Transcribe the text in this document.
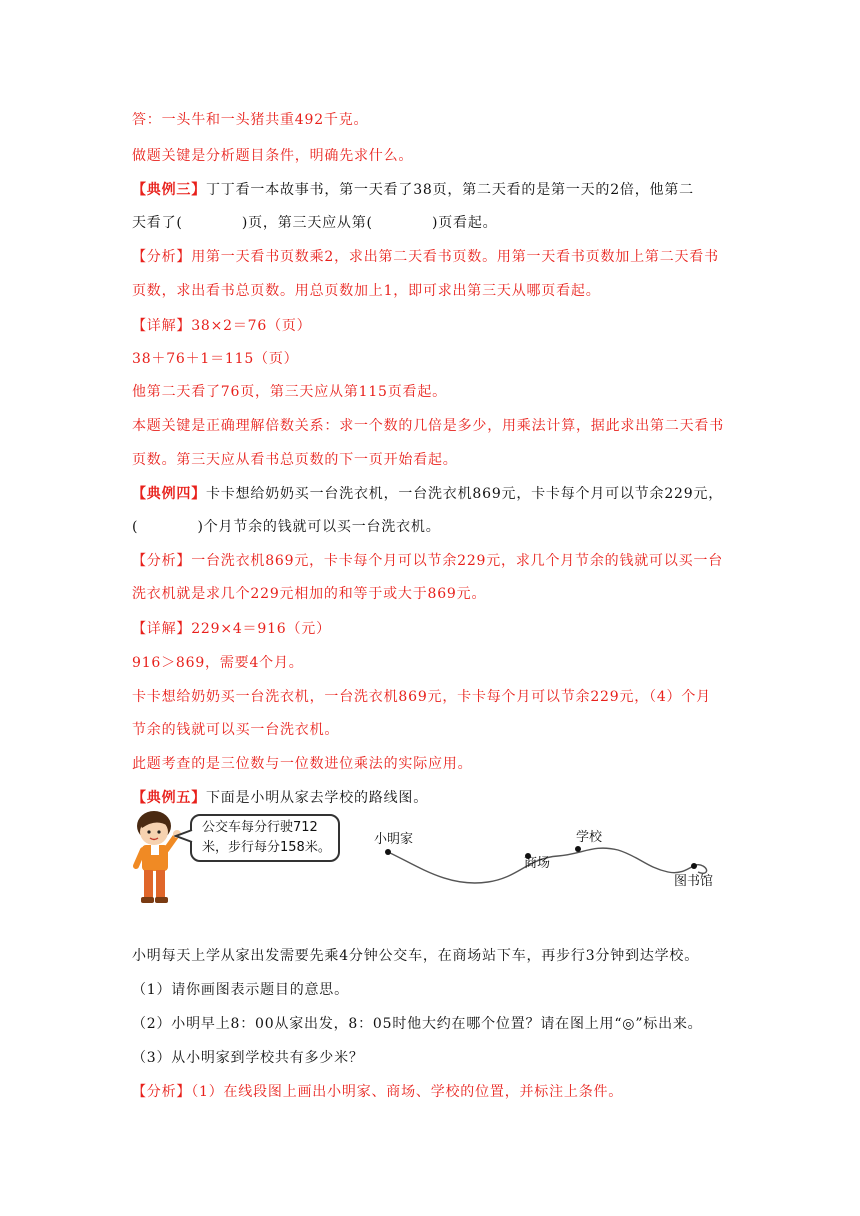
答：一头牛和一头猪共重492千克。
做题关键是分析题目条件，明确先求什么。
【典例三】丁丁看一本故事书，第一天看了38页，第二天看的是第一天的2倍，他第二
天看了(　　　　)页，第三天应从第(　　　　)页看起。
【分析】用第一天看书页数乘2，求出第二天看书页数。用第一天看书页数加上第二天看书
页数，求出看书总页数。用总页数加上1，即可求出第三天从哪页看起。
【详解】38×2＝76（页）
38＋76＋1＝115（页）
他第二天看了76页，第三天应从第115页看起。
本题关键是正确理解倍数关系：求一个数的几倍是多少，用乘法计算，据此求出第二天看书
页数。第三天应从看书总页数的下一页开始看起。
【典例四】卡卡想给奶奶买一台洗衣机，一台洗衣机869元，卡卡每个月可以节余229元，
(　　　　)个月节余的钱就可以买一台洗衣机。
【分析】一台洗衣机869元，卡卡每个月可以节余229元，求几个月节余的钱就可以买一台
洗衣机就是求几个229元相加的和等于或大于869元。
【详解】229×4＝916（元）
916＞869，需要4个月。
卡卡想给奶奶买一台洗衣机，一台洗衣机869元，卡卡每个月可以节余229元，（4）个月
节余的钱就可以买一台洗衣机。
此题考查的是三位数与一位数进位乘法的实际应用。
【典例五】下面是小明从家去学校的路线图。
公交车每分行驶712
米，步行每分158米。
小明家	学校
商场
图书馆
小明每天上学从家出发需要先乘4分钟公交车，在商场站下车，再步行3分钟到达学校。
（1）请你画图表示题目的意思。
（2）小明早上8：00从家出发，8：05时他大约在哪个位置？请在图上用“◎”标出来。
（3）从小明家到学校共有多少米？
【分析】（1）在线段图上画出小明家、商场、学校的位置，并标注上条件。
